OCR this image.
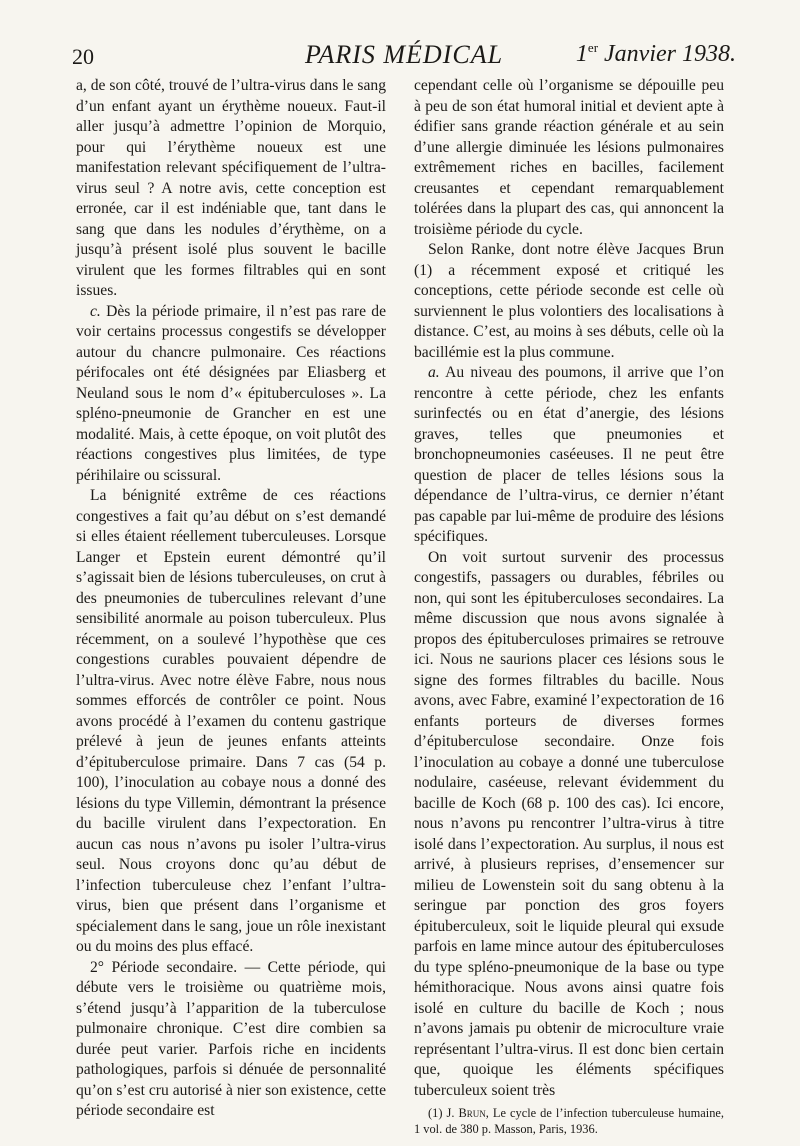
20	PARIS MÉDICAL	1er Janvier 1938.

a, de son côté, trouvé de l’ultra-virus dans le sang d’un enfant ayant un érythème noueux. Faut-il aller jusqu’à admettre l’opinion de Morquio, pour qui l’érythème noueux est une manifestation relevant spécifiquement de l’ultra-virus seul ? A notre avis, cette conception est erronée, car il est indéniable que, tant dans le sang que dans les nodules d’érythème, on a jusqu’à présent isolé plus souvent le bacille virulent que les formes filtrables qui en sont issues.

c. Dès la période primaire, il n’est pas rare de voir certains processus congestifs se développer autour du chancre pulmonaire. Ces réactions périfocales ont été désignées par Eliasberg et Neuland sous le nom d’« épituberculoses ». La spléno-pneumonie de Grancher en est une modalité. Mais, à cette époque, on voit plutôt des réactions congestives plus limitées, de type périhilaire ou scissural.

La bénignité extrême de ces réactions congestives a fait qu’au début on s’est demandé si elles étaient réellement tuberculeuses. Lorsque Langer et Epstein eurent démontré qu’il s’agissait bien de lésions tuberculeuses, on crut à des pneumonies de tuberculines relevant d’une sensibilité anormale au poison tuberculeux. Plus récemment, on a soulevé l’hypothèse que ces congestions curables pouvaient dépendre de l’ultra-virus. Avec notre élève Fabre, nous nous sommes efforcés de contrôler ce point. Nous avons procédé à l’examen du contenu gastrique prélevé à jeun de jeunes enfants atteints d’épituberculose primaire. Dans 7 cas (54 p. 100), l’inoculation au cobaye nous a donné des lésions du type Villemin, démontrant la présence du bacille virulent dans l’expectoration. En aucun cas nous n’avons pu isoler l’ultra-virus seul. Nous croyons donc qu’au début de l’infection tuberculeuse chez l’enfant l’ultra-virus, bien que présent dans l’organisme et spécialement dans le sang, joue un rôle inexistant ou du moins des plus effacé.

2° Période secondaire. — Cette période, qui débute vers le troisième ou quatrième mois, s’étend jusqu’à l’apparition de la tuberculose pulmonaire chronique. C’est dire combien sa durée peut varier. Parfois riche en incidents pathologiques, parfois si dénuée de personnalité qu’on s’est cru autorisé à nier son existence, cette période secondaire est

cependant celle où l’organisme se dépouille peu à peu de son état humoral initial et devient apte à édifier sans grande réaction générale et au sein d’une allergie diminuée les lésions pulmonaires extrêmement riches en bacilles, facilement creusantes et cependant remarquablement tolérées dans la plupart des cas, qui annoncent la troisième période du cycle.

Selon Ranke, dont notre élève Jacques Brun (1) a récemment exposé et critiqué les conceptions, cette période seconde est celle où surviennent le plus volontiers des localisations à distance. C’est, au moins à ses débuts, celle où la bacillémie est la plus commune.

a. Au niveau des poumons, il arrive que l’on rencontre à cette période, chez les enfants surinfectés ou en état d’anergie, des lésions graves, telles que pneumonies et bronchopneumonies caséeuses. Il ne peut être question de placer de telles lésions sous la dépendance de l’ultra-virus, ce dernier n’étant pas capable par lui-même de produire des lésions spécifiques.

On voit surtout survenir des processus congestifs, passagers ou durables, fébriles ou non, qui sont les épituberculoses secondaires. La même discussion que nous avons signalée à propos des épituberculoses primaires se retrouve ici. Nous ne saurions placer ces lésions sous le signe des formes filtrables du bacille. Nous avons, avec Fabre, examiné l’expectoration de 16 enfants porteurs de diverses formes d’épituberculose secondaire. Onze fois l’inoculation au cobaye a donné une tuberculose nodulaire, caséeuse, relevant évidemment du bacille de Koch (68 p. 100 des cas). Ici encore, nous n’avons pu rencontrer l’ultra-virus à titre isolé dans l’expectoration. Au surplus, il nous est arrivé, à plusieurs reprises, d’ensemencer sur milieu de Lowenstein soit du sang obtenu à la seringue par ponction des gros foyers épituberculeux, soit le liquide pleural qui exsude parfois en lame mince autour des épituberculoses du type spléno-pneumonique de la base ou type hémithoracique. Nous avons ainsi quatre fois isolé en culture du bacille de Koch ; nous n’avons jamais pu obtenir de microculture vraie représentant l’ultra-virus. Il est donc bien certain que, quoique les éléments spécifiques tuberculeux soient très

(1) J. Brun, Le cycle de l’infection tuberculeuse humaine, 1 vol. de 380 p. Masson, Paris, 1936.
